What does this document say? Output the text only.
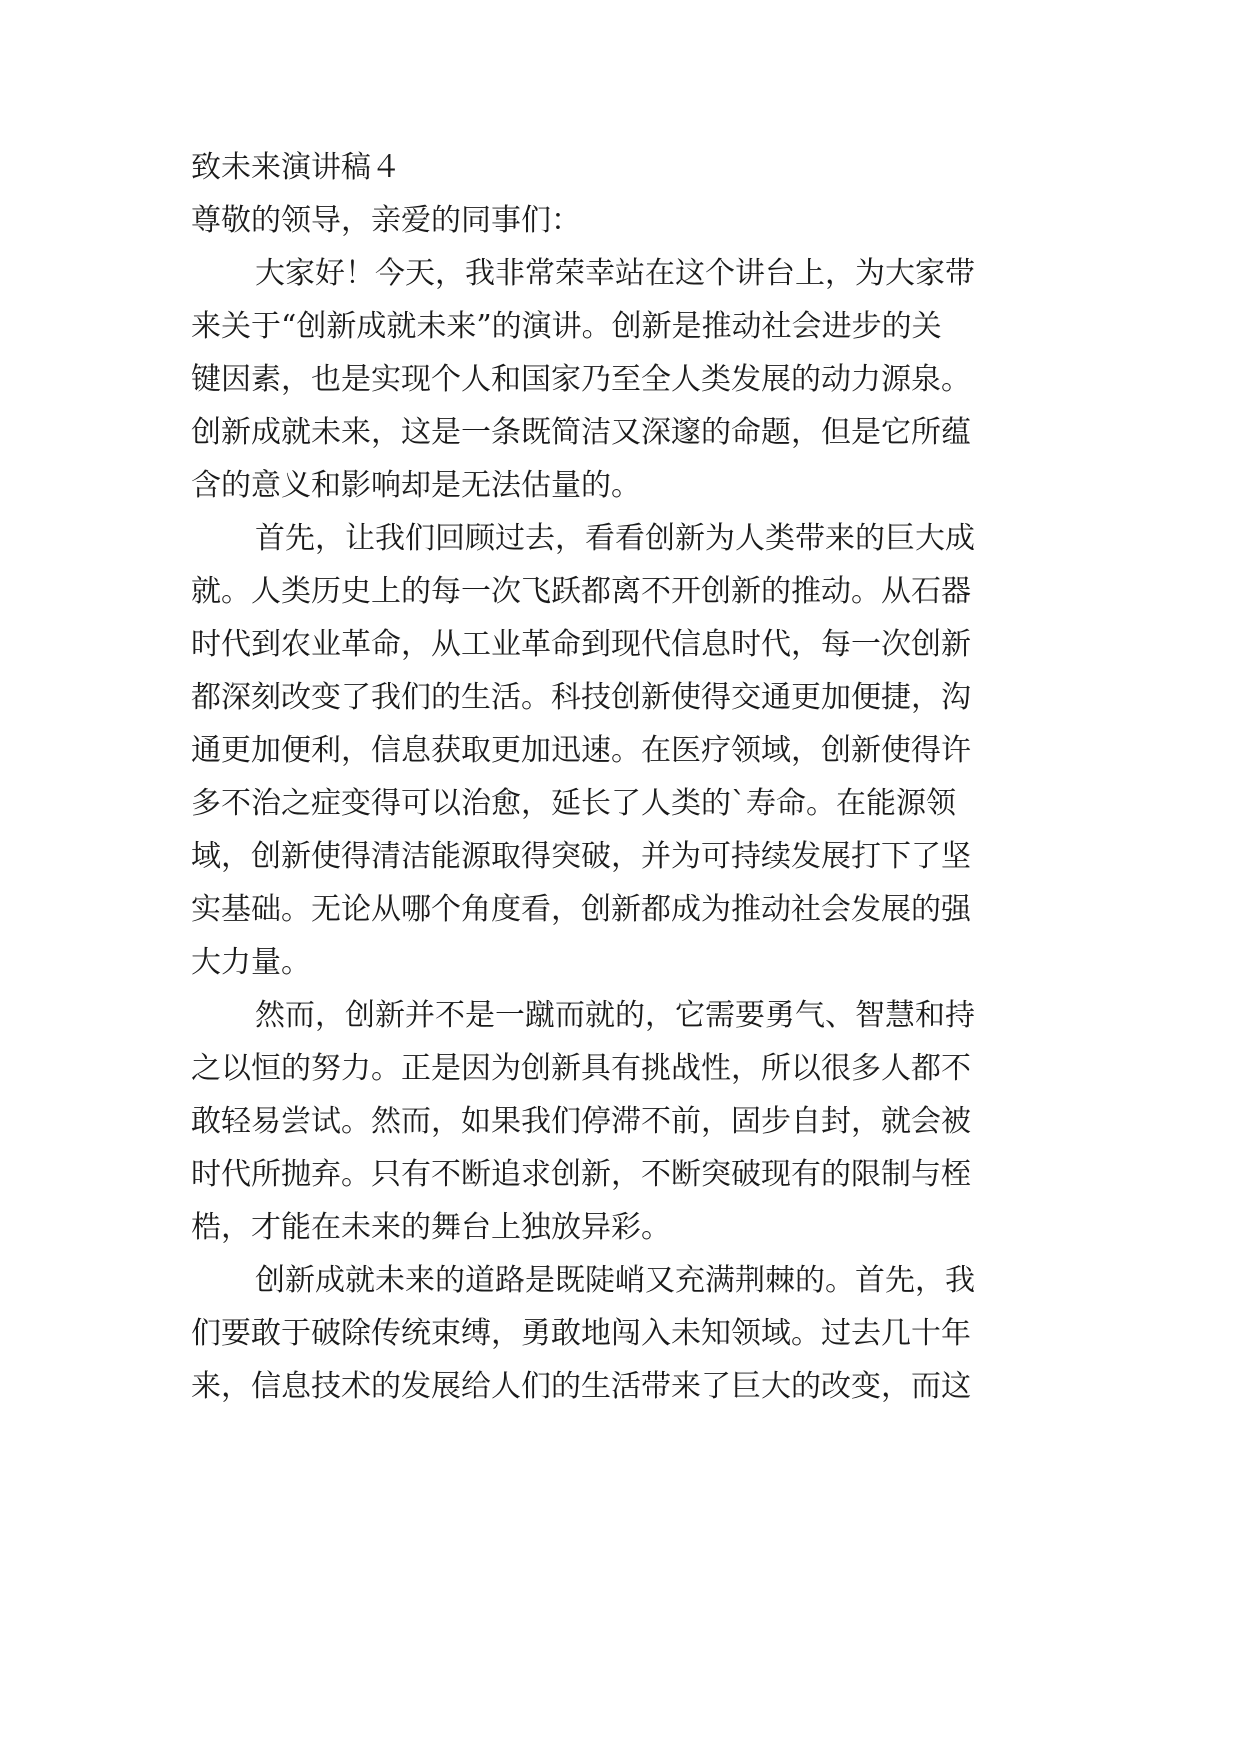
致未来演讲稿４
尊敬的领导，亲爱的同事们：
大家好！今天，我非常荣幸站在这个讲台上，为大家带
来关于“创新成就未来”的演讲。创新是推动社会进步的关
键因素，也是实现个人和国家乃至全人类发展的动力源泉。
创新成就未来，这是一条既简洁又深邃的命题，但是它所蕴
含的意义和影响却是无法估量的。
首先，让我们回顾过去，看看创新为人类带来的巨大成
就。人类历史上的每一次飞跃都离不开创新的推动。从石器
时代到农业革命，从工业革命到现代信息时代，每一次创新
都深刻改变了我们的生活。科技创新使得交通更加便捷，沟
通更加便利，信息获取更加迅速。在医疗领域，创新使得许
多不治之症变得可以治愈，延长了人类的`寿命。在能源领
域，创新使得清洁能源取得突破，并为可持续发展打下了坚
实基础。无论从哪个角度看，创新都成为推动社会发展的强
大力量。
然而，创新并不是一蹴而就的，它需要勇气、智慧和持
之以恒的努力。正是因为创新具有挑战性，所以很多人都不
敢轻易尝试。然而，如果我们停滞不前，固步自封，就会被
时代所抛弃。只有不断追求创新，不断突破现有的限制与桎
梏，才能在未来的舞台上独放异彩。
创新成就未来的道路是既陡峭又充满荆棘的。首先，我
们要敢于破除传统束缚，勇敢地闯入未知领域。过去几十年
来，信息技术的发展给人们的生活带来了巨大的改变，而这
